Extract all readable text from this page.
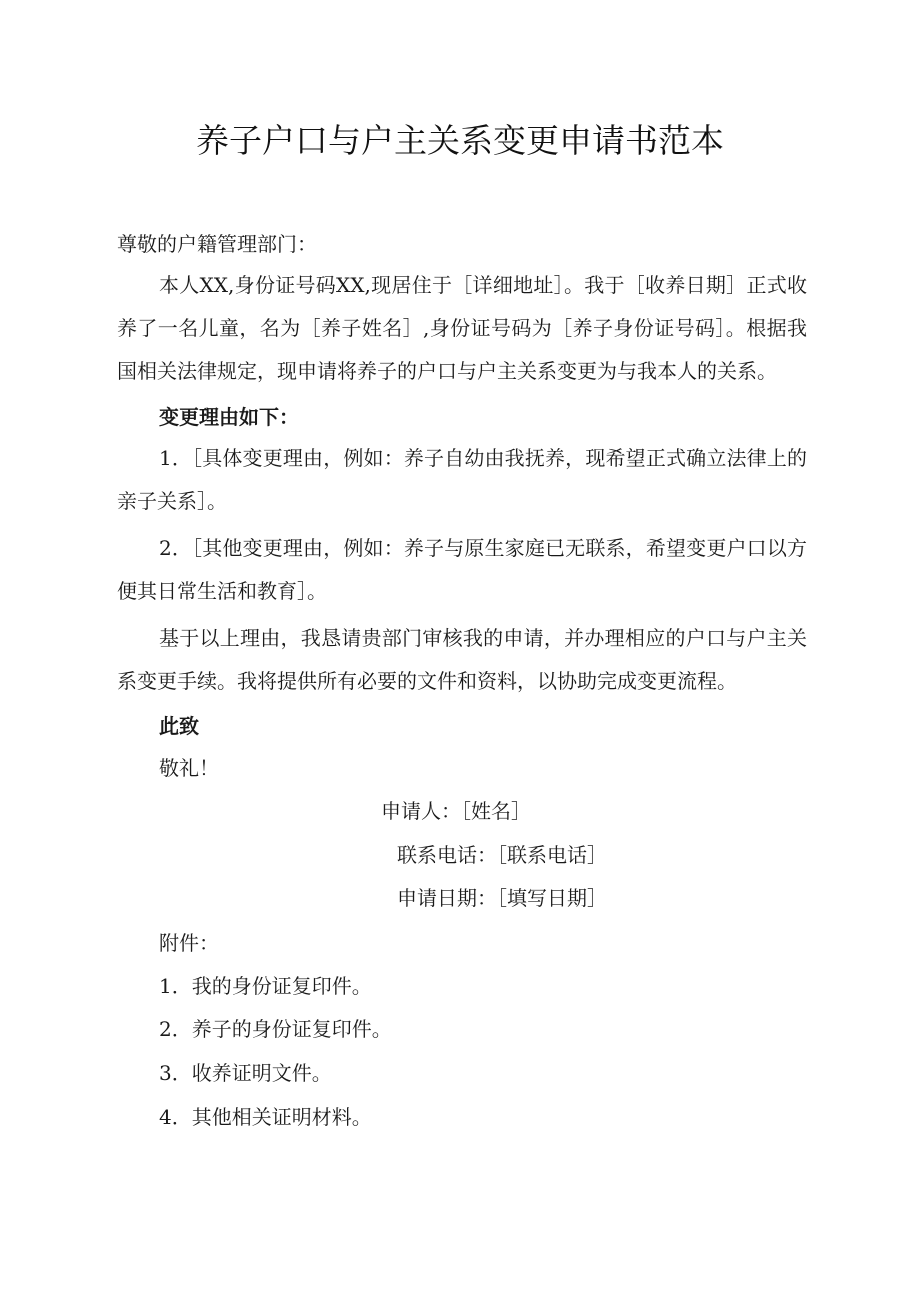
养子户口与户主关系变更申请书范本

尊敬的户籍管理部门：

本人XX,身份证号码XX,现居住于［详细地址］。我于［收养日期］正式收养了一名儿童，名为［养子姓名］,身份证号码为［养子身份证号码］。根据我国相关法律规定，现申请将养子的户口与户主关系变更为与我本人的关系。

变更理由如下：

1．［具体变更理由，例如：养子自幼由我抚养，现希望正式确立法律上的亲子关系］。

2．［其他变更理由，例如：养子与原生家庭已无联系，希望变更户口以方便其日常生活和教育］。

基于以上理由，我恳请贵部门审核我的申请，并办理相应的户口与户主关系变更手续。我将提供所有必要的文件和资料，以协助完成变更流程。

此致

敬礼！

申请人：［姓名］
联系电话：［联系电话］
申请日期：［填写日期］

附件：

1．我的身份证复印件。

2．养子的身份证复印件。

3．收养证明文件。

4．其他相关证明材料。
